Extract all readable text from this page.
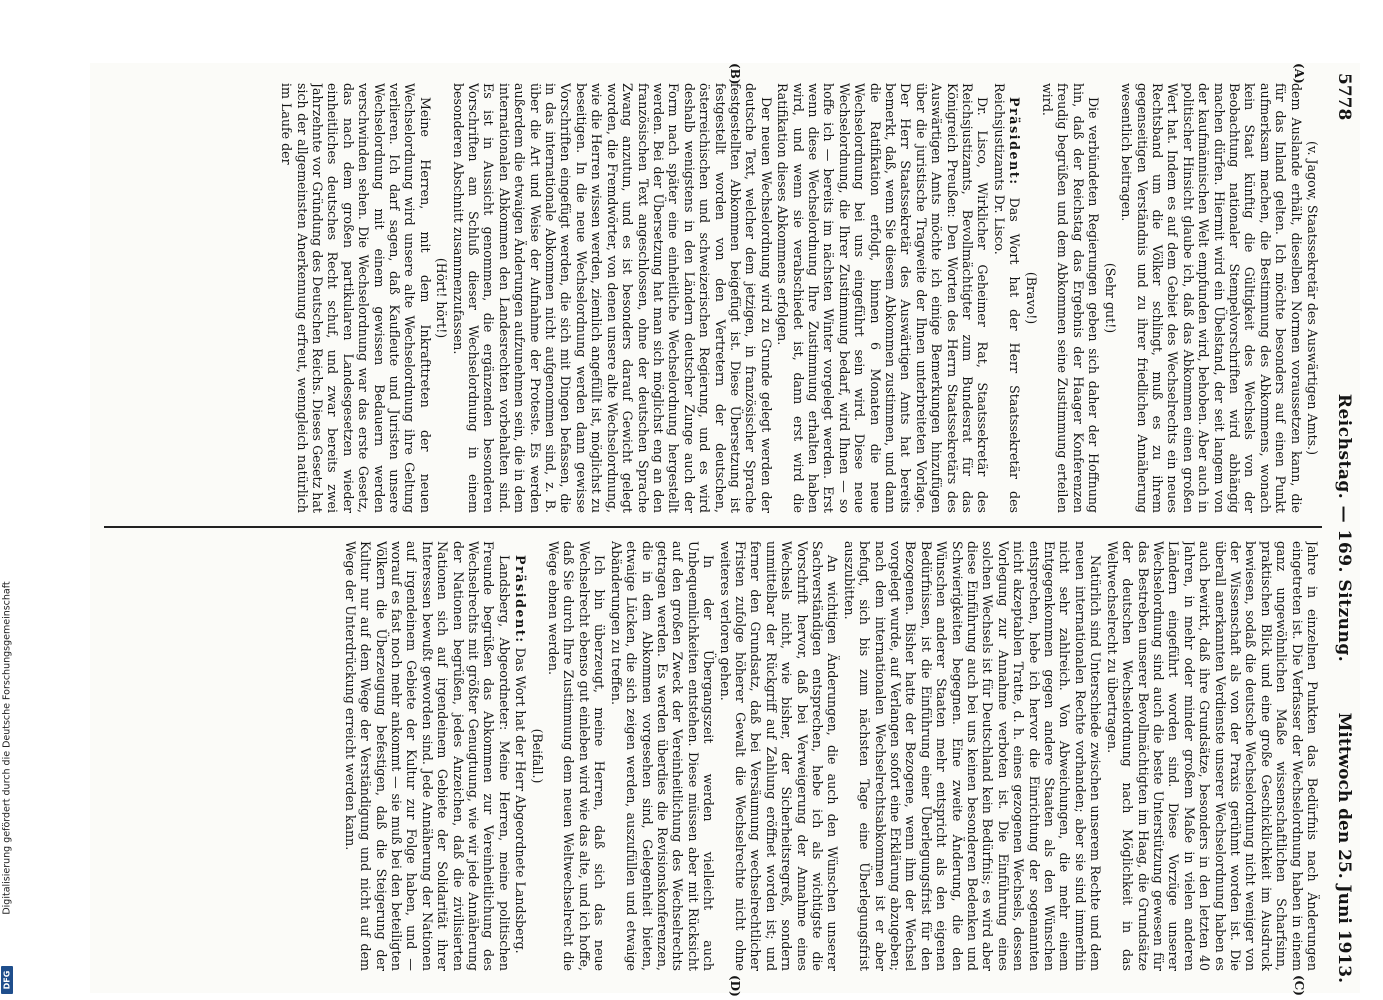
5778
Reichstag. — 169. Sitzung.
Mittwoch den 25. Juni 1913.
(A)
(B)
(C)
(D)

(v. Jagow, Staatssekretär des Auswärtigen Amts.)

dem Auslande erhält, dieselben Normen voraussetzen kann, die für das Inland gelten. Ich möchte besonders auf einen Punkt aufmerksam machen, die Bestimmung des Abkommens, wonach kein Staat künftig die Gültigkeit des Wechsels von der Beobachtung nationaler Stempelvorschriften wird abhängig machen dürfen. Hiermit wird ein Übelstand, der seit langem von der kaufmännischen Welt empfunden wird, behoben. Aber auch in politischer Hinsicht glaube ich, daß das Abkommen einen großen Wert hat. Indem es auf dem Gebiet des Wechselrechts ein neues Rechtsband um die Völker schlingt, muß es zu ihrem gegenseitigen Verständnis und zu ihrer friedlichen Annäherung wesentlich beitragen.

(Sehr gut!)

Die verbündeten Regierungen geben sich daher der Hoffnung hin, daß der Reichstag das Ergebnis der Haager Konferenzen freudig begrüßen und dem Abkommen seine Zustimmung erteilen wird.

(Bravo!)

Präsident: Das Wort hat der Herr Staatssekretär des Reichsjustizamts Dr. Lisco.

Dr. Lisco, Wirklicher Geheimer Rat, Staatssekretär des Reichsjustizamts, Bevollmächtigter zum Bundesrat für das Königreich Preußen: Den Worten des Herrn Staatssekretärs des Auswärtigen Amts möchte ich einige Bemerkungen hinzufügen über die juristische Tragweite der Ihnen unterbreiteten Vorlage. Der Herr Staatssekretär des Auswärtigen Amts hat bereits bemerkt, daß, wenn Sie diesem Abkommen zustimmen, und dann die Ratifikation erfolgt, binnen 6 Monaten die neue Wechselordnung bei uns eingeführt sein wird. Diese neue Wechselordnung, die Ihrer Zustimmung bedarf, wird Ihnen — so hoffe ich — bereits im nächsten Winter vorgelegt werden. Erst wenn diese Wechselordnung Ihre Zustimmung erhalten haben wird, und wenn sie verabschiedet ist, dann erst wird die Ratifikation dieses Abkommens erfolgen.

Der neuen Wechselordnung wird zu Grunde gelegt werden der deutsche Text, welcher dem jetzigen, in französischer Sprache festgestellten Abkommen beigefügt ist. Diese Übersetzung ist festgestellt worden von den Vertretern der deutschen, österreichischen und schweizerischen Regierung, und es wird deshalb wenigstens in den Ländern deutscher Zunge auch der Form nach später eine einheitliche Wechselordnung hergestellt werden. Bei der Übersetzung hat man sich möglichst eng an den französischen Text angeschlossen, ohne der deutschen Sprache Zwang anzutun, und es ist besonders darauf Gewicht gelegt worden, die Fremdwörter, von denen unsere alte Wechselordnung, wie die Herren wissen werden, ziemlich angefüllt ist, möglichst zu beseitigen. In die neue Wechselordnung werden dann gewisse Vorschriften eingefügt werden, die sich mit Dingen befassen, die in das internationale Abkommen nicht aufgenommen sind, z. B. über die Art und Weise der Aufnahme der Proteste. Es werden außerdem die etwaigen Änderungen aufzunehmen sein, die in dem internationalen Abkommen den Landesrechten vorbehalten sind. Es ist in Aussicht genommen, die ergänzenden besonderen Vorschriften am Schluß dieser Wechselordnung in einem besonderen Abschnitt zusammenzufassen.

(Hört! hört!)

Meine Herren, mit dem Inkrafttreten der neuen Wechselordnung wird unsere alte Wechselordnung ihre Geltung verlieren. Ich darf sagen, daß Kaufleute und Juristen unsere Wechselordnung mit einem gewissen Bedauern werden verschwinden sehen. Die Wechselordnung war das erste Gesetz, das nach dem großen partikularen Landesgesetzen wieder einheitliches deutsches Recht schuf, und zwar bereits zwei Jahrzehnte vor Gründung des Deutschen Reichs. Dieses Gesetz hat sich der allgemeinsten Anerkennung erfreut, wenngleich natürlich im Laufe der

Jahre in einzelnen Punkten das Bedürfnis nach Änderungen eingetreten ist. Die Verfasser der Wechselordnung haben in einem ganz ungewöhnlichen Maße wissenschaftlichen Scharfsinn, praktischen Blick und eine große Geschicklichkeit im Ausdruck bewiesen, sodaß die deutsche Wechselordnung nicht weniger von der Wissenschaft als von der Praxis gerühmt worden ist. Die überall anerkannten Verdienste unserer Wechselordnung haben es auch bewirkt, daß ihre Grundsätze, besonders in den letzten 40 Jahren, in mehr oder minder großem Maße in vielen anderen Ländern eingeführt worden sind. Diese Vorzüge unserer Wechselordnung sind auch die beste Unterstützung gewesen für das Bestreben unserer Bevollmächtigten im Haag, die Grundsätze der deutschen Wechselordnung nach Möglichkeit in das Weltwechselrecht zu übertragen.

Natürlich sind Unterschiede zwischen unserem Rechte und dem neuen internationalen Rechte vorhanden; aber sie sind immerhin nicht sehr zahlreich. Von Abweichungen, die mehr einem Entgegenkommen gegen andere Staaten als den Wünschen entsprechen, hebe ich hervor die Einrichtung der sogenannten nicht akzeptablen Tratte, d. h. eines gezogenen Wechsels, dessen Vorlegung zur Annahme verboten ist. Die Einführung eines solchen Wechsels ist für Deutschland kein Bedürfnis; es wird aber diese Einführung auch bei uns keinen besonderen Bedenken und Schwierigkeiten begegnen. Eine zweite Änderung, die den Wünschen anderer Staaten mehr entspricht als den eigenen Bedürfnissen, ist die Einführung einer Überlegungsfrist für den Bezogenen. Bisher hatte der Bezogene, wenn ihm der Wechsel vorgelegt wurde, auf Verlangen sofort eine Erklärung abzugeben; nach dem internationalen Wechselrechtsabkommen ist er aber befugt, sich bis zum nächsten Tage eine Überlegungsfrist auszubitten.

An wichtigen Änderungen, die auch den Wünschen unserer Sachverständigen entsprechen, hebe ich als wichtigste die Vorschrift hervor, daß bei Verweigerung der Annahme eines Wechsels nicht, wie bisher, der Sicherheitsregreß, sondern unmittelbar der Rückgriff auf Zahlung eröffnet worden ist; und ferner den Grundsatz, daß bei Versäumung wechselrechtlicher Fristen zufolge höherer Gewalt die Wechselrechte nicht ohne weiteres verloren gehen.

In der Übergangszeit werden vielleicht auch Unbequemlichkeiten entstehen. Diese müssen aber mit Rücksicht auf den großen Zweck der Vereinheitlichung des Wechselrechts getragen werden. Es werden überdies die Revisionskonferenzen, die in dem Abkommen vorgesehen sind, Gelegenheit bieten, etwaige Lücken, die sich zeigen werden, auszufüllen und etwaige Abänderungen zu treffen.

Ich bin überzeugt, meine Herren, daß sich das neue Wechselrecht ebenso gut einleben wird wie das alte, und ich hoffe, daß Sie durch Ihre Zustimmung dem neuen Weltwechselrecht die Wege ebnen werden.

(Beifall.)

Präsident: Das Wort hat der Herr Abgeordnete Landsberg.

Landsberg, Abgeordneter: Meine Herren, meine politischen Freunde begrüßen das Abkommen zur Vereinheitlichung des Wechselrechts mit größter Genugtuung, wie wir jede Annäherung der Nationen begrüßen, jedes Anzeichen, daß die zivilisierten Nationen sich auf irgendeinem Gebiete der Solidarität ihrer Interessen bewußt geworden sind. Jede Annäherung der Nationen auf irgendeinem Gebiete der Kultur zur Folge haben, und — worauf es fast noch mehr ankommt — sie muß bei den beteiligten Völkern die Überzeugung befestigen, daß die Steigerung der Kultur nur auf dem Wege der Verständigung und nicht auf dem Wege der Unterdrückung erreicht werden kann.

Digitalisierung gefördert durch die Deutsche Forschungsgemeinschaft
DFG
